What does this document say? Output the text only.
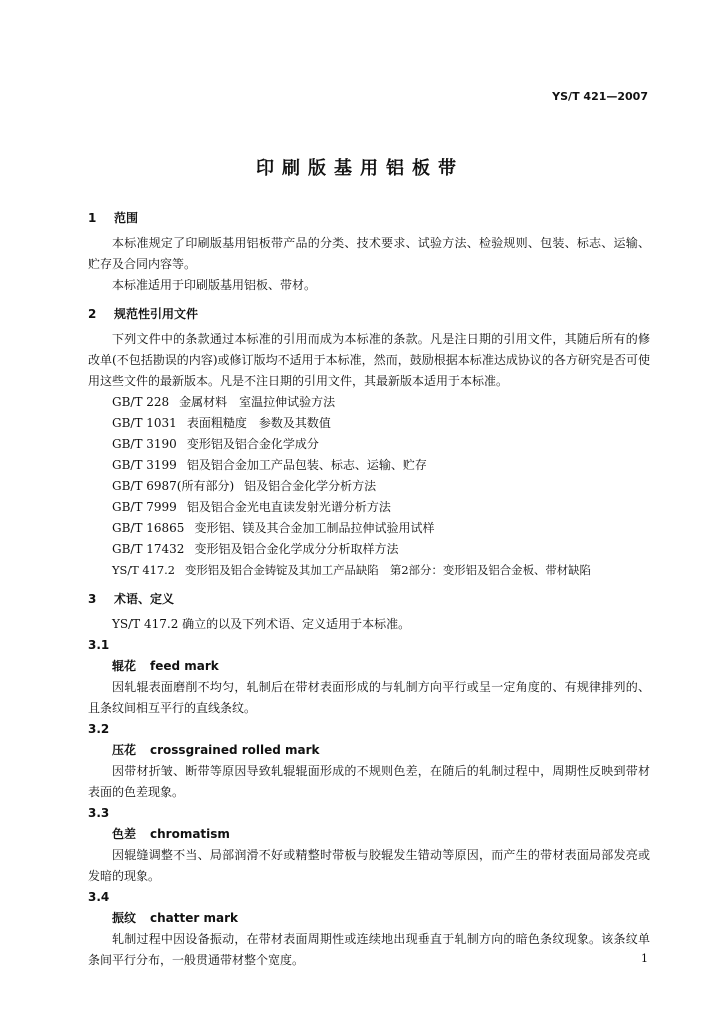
YS/T 421—2007
印刷版基用铝板带
1 范围

本标准规定了印刷版基用铝板带产品的分类、技术要求、试验方法、检验规则、包装、标志、运输、贮存及合同内容等。

本标准适用于印刷版基用铝板、带材。

2 规范性引用文件

下列文件中的条款通过本标准的引用而成为本标准的条款。凡是注日期的引用文件，其随后所有的修改单(不包括勘误的内容)或修订版均不适用于本标准，然而，鼓励根据本标准达成协议的各方研究是否可使用这些文件的最新版本。凡是不注日期的引用文件，其最新版本适用于本标准。

GB/T 228 金属材料　室温拉伸试验方法
GB/T 1031 表面粗糙度　参数及其数值
GB/T 3190 变形铝及铝合金化学成分
GB/T 3199 铝及铝合金加工产品包装、标志、运输、贮存
GB/T 6987(所有部分) 铝及铝合金化学分析方法
GB/T 7999 铝及铝合金光电直读发射光谱分析方法
GB/T 16865 变形铝、镁及其合金加工制品拉伸试验用试样
GB/T 17432 变形铝及铝合金化学成分分析取样方法
YS/T 417.2 变形铝及铝合金铸锭及其加工产品缺陷　第2部分：变形铝及铝合金板、带材缺陷
3 术语、定义

YS/T 417.2 确立的以及下列术语、定义适用于本标准。

3.1
辊花 feed mark

因轧辊表面磨削不均匀，轧制后在带材表面形成的与轧制方向平行或呈一定角度的、有规律排列的、且条纹间相互平行的直线条纹。

3.2
压花 crossgrained rolled mark

因带材折皱、断带等原因导致轧辊辊面形成的不规则色差，在随后的轧制过程中，周期性反映到带材表面的色差现象。

3.3
色差 chromatism

因辊缝调整不当、局部润滑不好或精整时带板与胶辊发生错动等原因，而产生的带材表面局部发亮或发暗的现象。

3.4
振纹 chatter mark

轧制过程中因设备振动，在带材表面周期性或连续地出现垂直于轧制方向的暗色条纹现象。该条纹单条间平行分布，一般贯通带材整个宽度。	1
